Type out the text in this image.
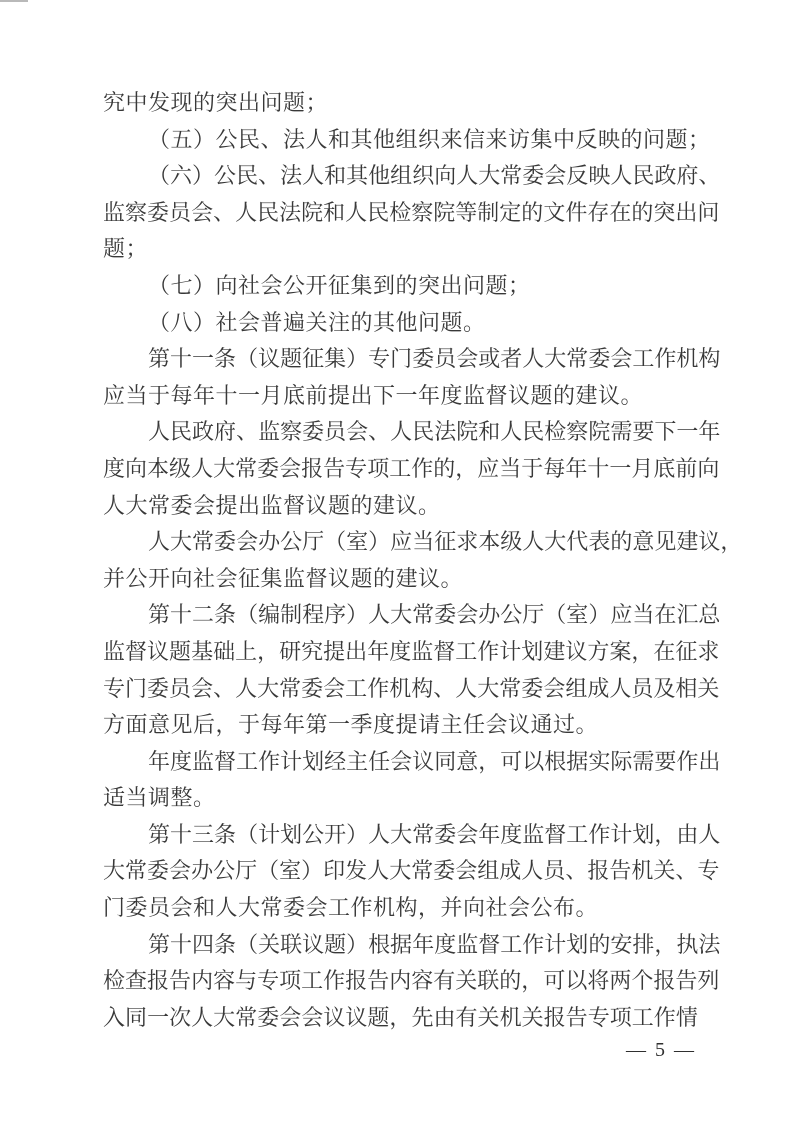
究中发现的突出问题；
（五）公民、法人和其他组织来信来访集中反映的问题；
（ 六 ） 公 民 、 法 人 和 其 他 组 织 向 人 大 常 委 会 反 映 人 民 政 府 、
监 察 委 员 会 、 人 民 法 院 和 人 民 检 察 院 等 制 定 的 文 件 存 在 的 突 出 问
题；
（七）向社会公开征集到的突出问题；
（八）社会普遍关注的其他问题。
第 十 一 条 （ 议 题 征 集 ） 专 门 委 员 会 或 者 人 大 常 委 会 工 作 机 构
应当于每年十一月底前提出下一年度监督议题的建议。
人 民 政 府 、 监 察 委 员 会 、 人 民 法 院 和 人 民 检 察 院 需 要 下 一 年
度 向 本 级 人 大 常 委 会 报 告 专 项 工 作 的 ， 应 当 于 每 年 十 一 月 底 前 向
人大常委会提出监督议题的建议。
人 大 常 委 会 办 公 厅 （ 室 ） 应 当 征 求 本 级 人 大 代 表 的 意 见 建 议 ，
并公开向社会征集监督议题的建议。
第 十 二 条 （ 编 制 程 序 ） 人 大 常 委 会 办 公 厅 （ 室 ） 应 当 在 汇 总
监 督 议 题 基 础 上 ， 研 究 提 出 年 度 监 督 工 作 计 划 建 议 方 案 ， 在 征 求
专 门 委 员 会 、 人 大 常 委 会 工 作 机 构 、 人 大 常 委 会 组 成 人 员 及 相 关
方面意见后，于每年第一季度提请主任会议通过。
年 度 监 督 工 作 计 划 经 主 任 会 议 同 意 ， 可 以 根 据 实 际 需 要 作 出
适当调整。
第 十 三 条 （ 计 划 公 开 ） 人 大 常 委 会 年 度 监 督 工 作 计 划 ， 由 人
大 常 委 会 办 公 厅 （ 室 ） 印 发 人 大 常 委 会 组 成 人 员 、 报 告 机 关 、 专
门委员会和人大常委会工作机构，并向社会公布。
第 十 四 条 （ 关 联 议 题 ） 根 据 年 度 监 督 工 作 计 划 的 安 排 ， 执 法
检 查 报 告 内 容 与 专 项 工 作 报 告 内 容 有 关 联 的 ， 可 以 将 两 个 报 告 列
入 同 一 次 人 大 常 委 会 会 议 议 题 ， 先 由 有 关 机 关 报 告 专 项 工 作 情
— 5 —
